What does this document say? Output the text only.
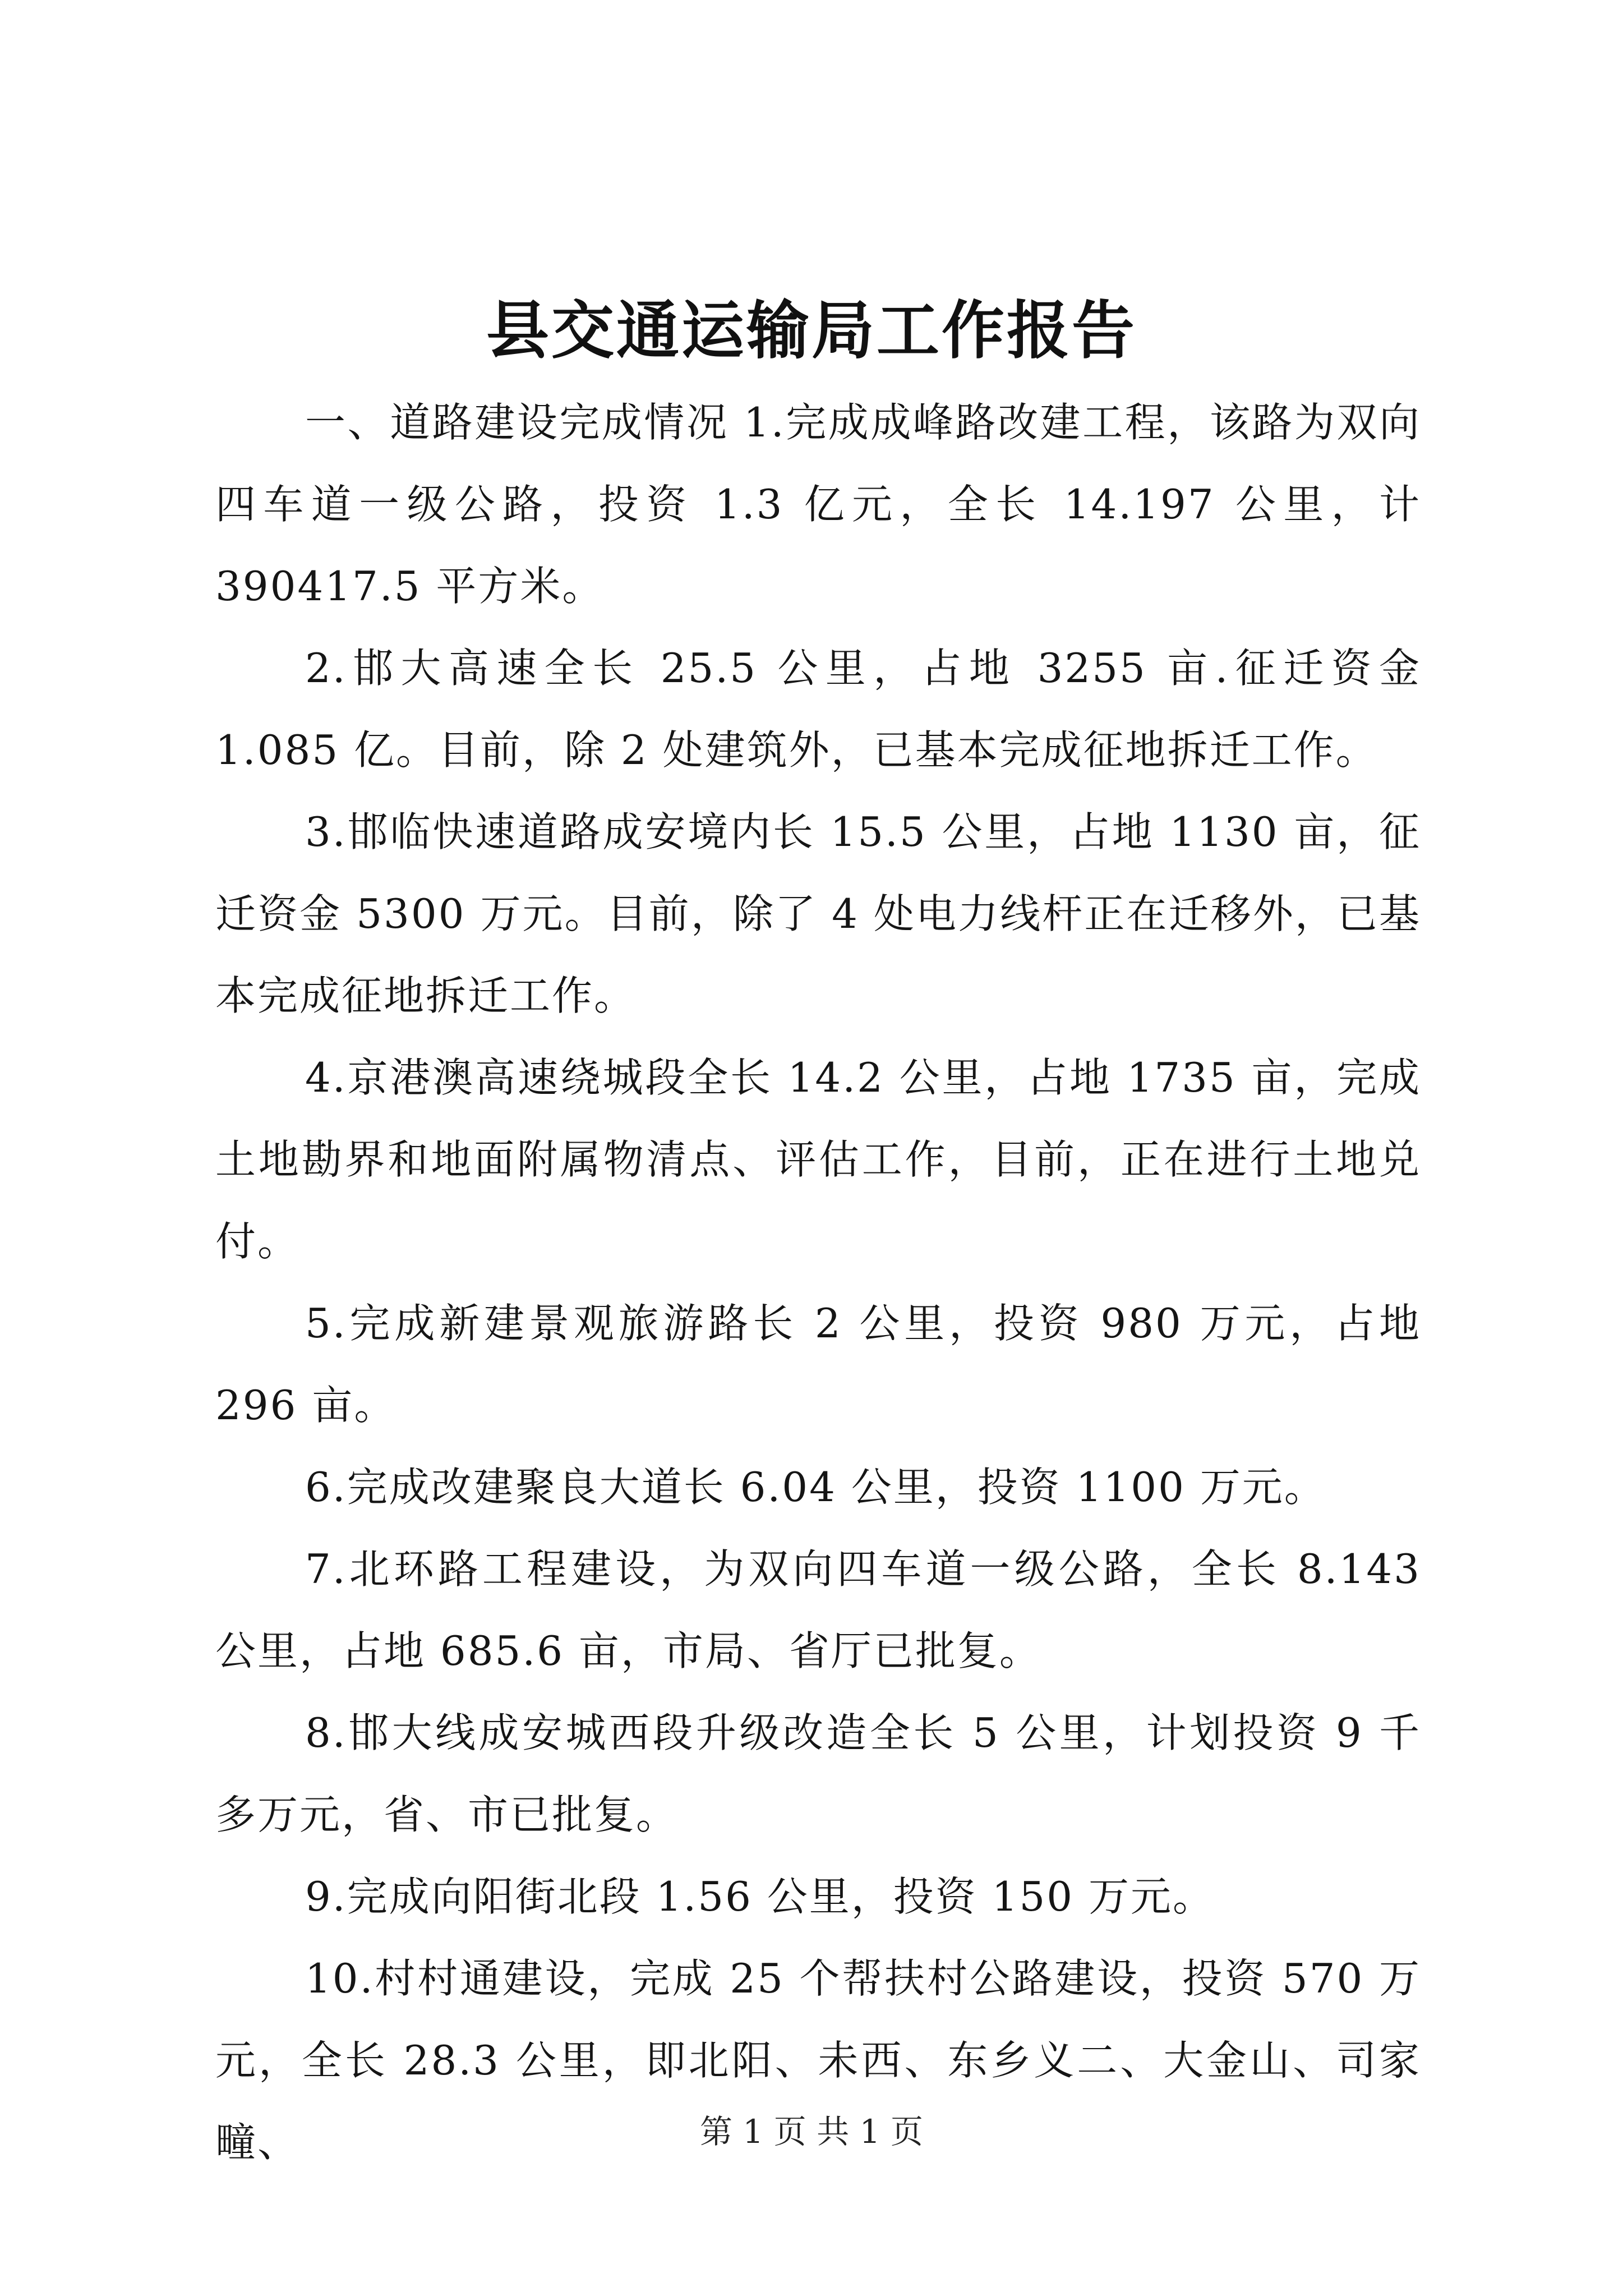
县交通运输局工作报告

一、道路建设完成情况 1.完成成峰路改建工程，该路为双向四车道一级公路，投资 1.3 亿元，全长 14.197 公里，计 390417.5 平方米。

2.邯大高速全长 25.5 公里，占地 3255 亩.征迁资金 1.085 亿。目前，除 2 处建筑外，已基本完成征地拆迁工作。

3.邯临快速道路成安境内长 15.5 公里，占地 1130 亩，征迁资金 5300 万元。目前，除了 4 处电力线杆正在迁移外，已基本完成征地拆迁工作。

4.京港澳高速绕城段全长 14.2 公里，占地 1735 亩，完成土地勘界和地面附属物清点、评估工作，目前，正在进行土地兑付。

5.完成新建景观旅游路长 2 公里，投资 980 万元，占地 296 亩。

6.完成改建聚良大道长 6.04 公里，投资 1100 万元。

7.北环路工程建设，为双向四车道一级公路，全长 8.143 公里，占地 685.6 亩，市局、省厅已批复。

8.邯大线成安城西段升级改造全长 5 公里，计划投资 9 千多万元，省、市已批复。

9.完成向阳街北段 1.56 公里，投资 150 万元。

10.村村通建设，完成 25 个帮扶村公路建设，投资 570 万元，全长 28.3 公里，即北阳、未西、东乡义二、大金山、司家疃、	第 1 页 共 1 页
